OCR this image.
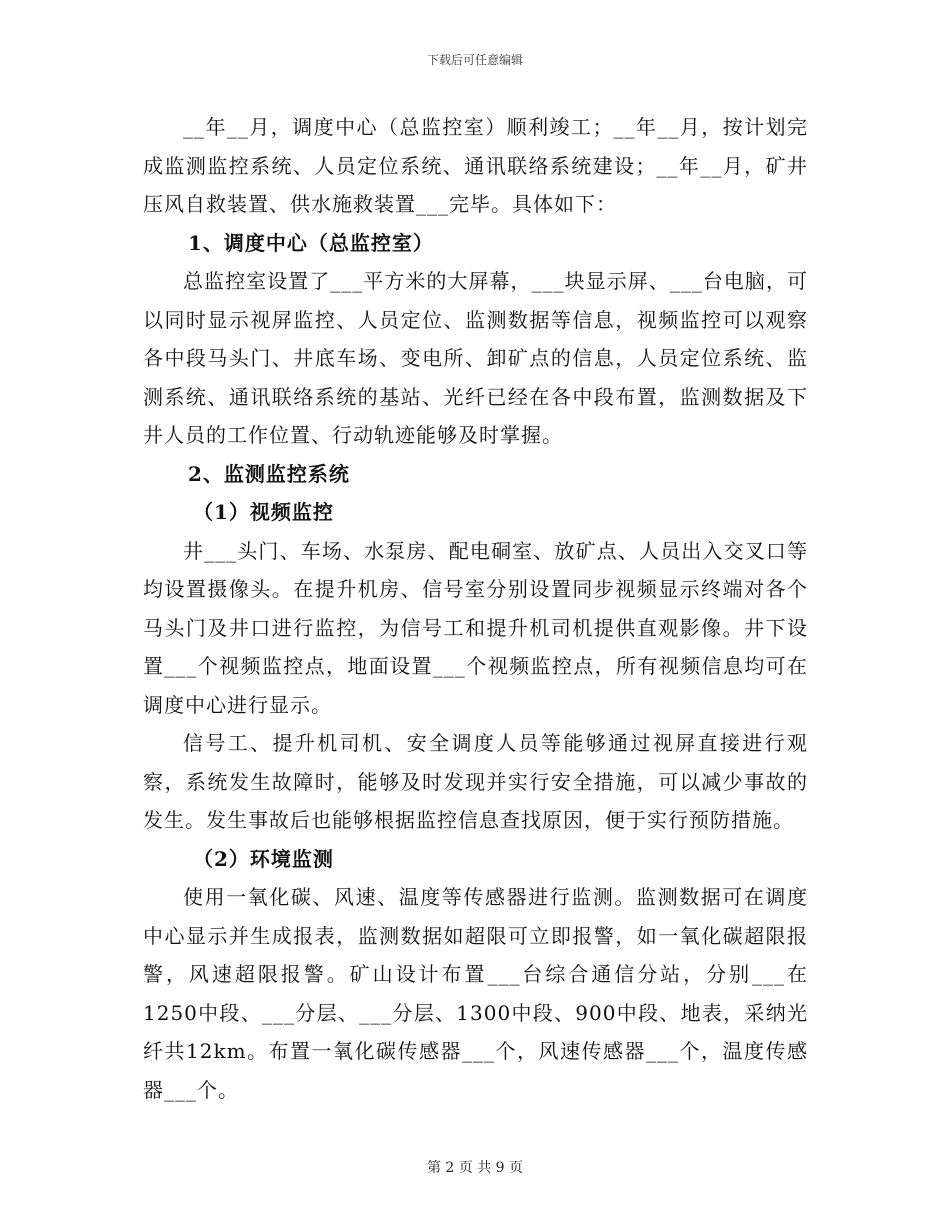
下载后可任意编辑

__年__月，调度中心（总监控室）顺利竣工；__年__月，按计划完成监测监控系统、人员定位系统、通讯联络系统建设；__年__月，矿井压风自救装置、供水施救装置___完毕。具体如下：

1、调度中心（总监控室）

总监控室设置了___平方米的大屏幕，___块显示屏、___台电脑，可以同时显示视屏监控、人员定位、监测数据等信息，视频监控可以观察各中段马头门、井底车场、变电所、卸矿点的信息，人员定位系统、监测系统、通讯联络系统的基站、光纤已经在各中段布置，监测数据及下井人员的工作位置、行动轨迹能够及时掌握。

2、监测监控系统

（1）视频监控

井___头门、车场、水泵房、配电硐室、放矿点、人员出入交叉口等均设置摄像头。在提升机房、信号室分别设置同步视频显示终端对各个马头门及井口进行监控，为信号工和提升机司机提供直观影像。井下设置___个视频监控点，地面设置___个视频监控点，所有视频信息均可在调度中心进行显示。

信号工、提升机司机、安全调度人员等能够通过视屏直接进行观察，系统发生故障时，能够及时发现并实行安全措施，可以减少事故的发生。发生事故后也能够根据监控信息查找原因，便于实行预防措施。

（2）环境监测

使用一氧化碳、风速、温度等传感器进行监测。监测数据可在调度中心显示并生成报表，监测数据如超限可立即报警，如一氧化碳超限报警，风速超限报警。矿山设计布置___台综合通信分站，分别___在1250中段、___分层、___分层、1300中段、900中段、地表，采纳光纤共12km。布置一氧化碳传感器___个，风速传感器___个，温度传感器___个。

第 2 页 共 9 页
